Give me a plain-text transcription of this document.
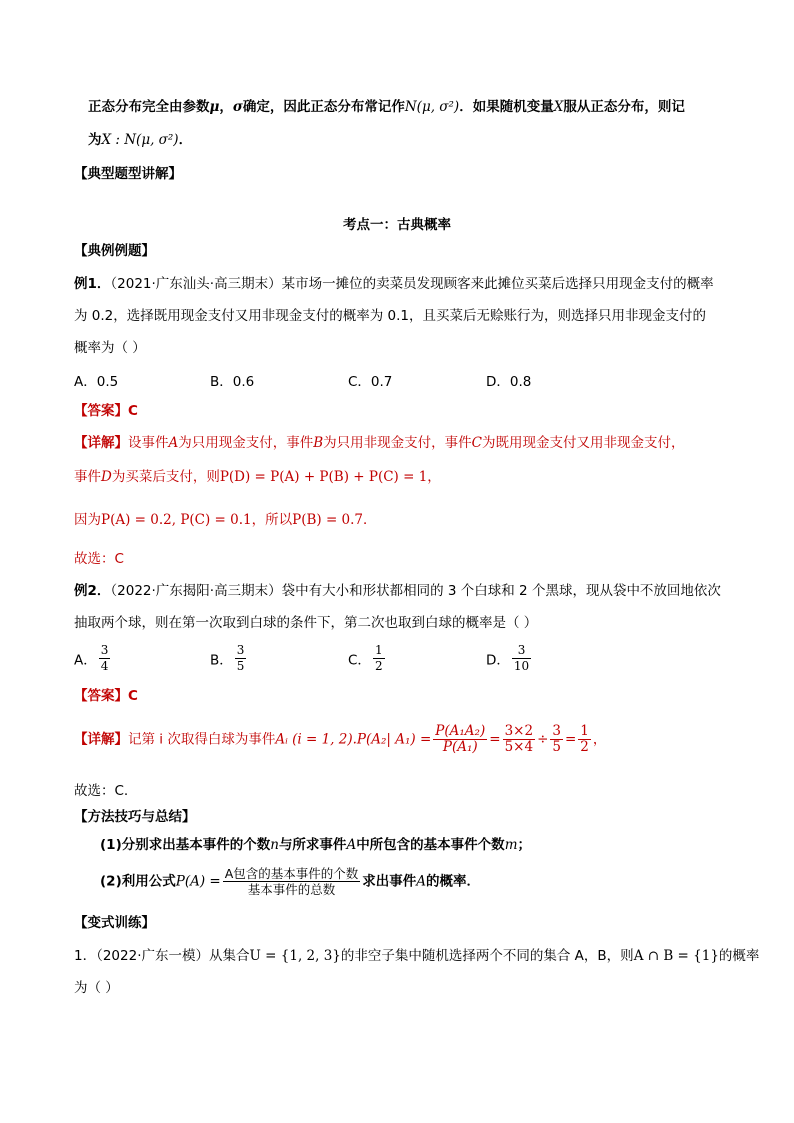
正态分布完全由参数μ，σ确定，因此正态分布常记作N(μ, σ²)．如果随机变量X服从正态分布，则记
为X : N(μ, σ²)．
【典型题型讲解】
考点一：古典概率
【典例例题】
例1．（2021·广东汕头·高三期末）某市场一摊位的卖菜员发现顾客来此摊位买菜后选择只用现金支付的概率
为 0.2，选择既用现金支付又用非现金支付的概率为 0.1，且买菜后无赊账行为，则选择只用非现金支付的
概率为（ ）
A．0.5	B．0.6	C．0.7	D．0.8
【答案】C
【详解】设事件A为只用现金支付，事件B为只用非现金支付，事件C为既用现金支付又用非现金支付，
事件D为买菜后支付，则P(D) = P(A) + P(B) + P(C) = 1，
因为P(A) = 0.2, P(C) = 0.1，所以P(B) = 0.7．
故选：C
例2．（2022·广东揭阳·高三期末）袋中有大小和形状都相同的 3 个白球和 2 个黑球，现从袋中不放回地依次
抽取两个球，则在第一次取到白球的条件下，第二次也取到白球的概率是（ ）
A． $\frac{3}{4}$	B． $\frac{3}{5}$	C． $\frac{1}{2}$	D． $\frac{3}{10}$
【答案】C
【详解】记第 i 次取得白球为事件Aᵢ (i = 1, 2).P(A₂| $A_1) = \frac{\text{P(A₁A₂)}}{\text{P(A₁)}} = \frac{3\times 2}{5\times 4} \div \frac{3}{5} = \frac{1}{2}$ ，
故选：C.
【方法技巧与总结】
(1)分别求出基本事件的个数n与所求事件A中所包含的基本事件个数m；
(2)利用公式$P(A) = \frac{\text{A包含的基本事件的个数}}{\text{基本事件的总数}}$ 求出事件A的概率．
【变式训练】
1．（2022·广东一模）从集合U = {1, 2, 3}的非空子集中随机选择两个不同的集合 A，B，则A ∩ B = {1}的概率
为（ ）
